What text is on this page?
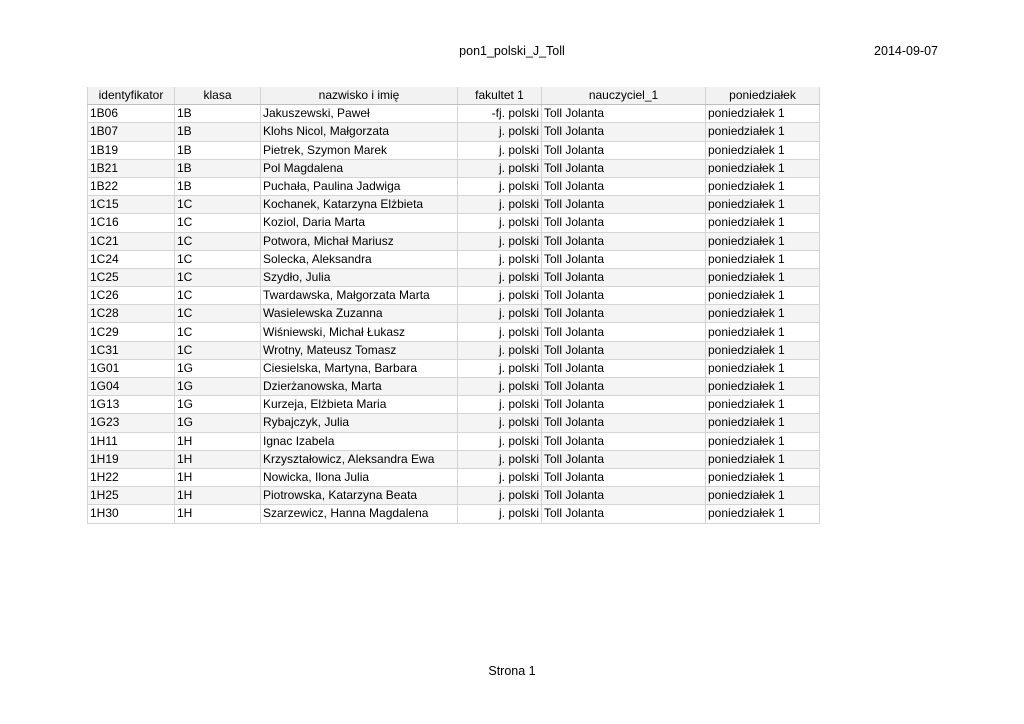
pon1_polski_J_Toll	2014-09-07
identyfikator	klasa	nazwisko i imię	fakultet 1	nauczyciel_1	poniedziałek
1B06	1B	Jakuszewski, Paweł	-fj. polski	Toll Jolanta	poniedziałek 1
1B07	1B	Klohs Nicol, Małgorzata	j. polski	Toll Jolanta	poniedziałek 1
1B19	1B	Pietrek, Szymon Marek	j. polski	Toll Jolanta	poniedziałek 1
1B21	1B	Pol Magdalena	j. polski	Toll Jolanta	poniedziałek 1
1B22	1B	Puchała, Paulina Jadwiga	j. polski	Toll Jolanta	poniedziałek 1
1C15	1C	Kochanek, Katarzyna Elżbieta	j. polski	Toll Jolanta	poniedziałek 1
1C16	1C	Koziol, Daria Marta	j. polski	Toll Jolanta	poniedziałek 1
1C21	1C	Potwora, Michał Mariusz	j. polski	Toll Jolanta	poniedziałek 1
1C24	1C	Solecka, Aleksandra	j. polski	Toll Jolanta	poniedziałek 1
1C25	1C	Szydło, Julia	j. polski	Toll Jolanta	poniedziałek 1
1C26	1C	Twardawska, Małgorzata Marta	j. polski	Toll Jolanta	poniedziałek 1
1C28	1C	Wasielewska Zuzanna	j. polski	Toll Jolanta	poniedziałek 1
1C29	1C	Wiśniewski, Michał Łukasz	j. polski	Toll Jolanta	poniedziałek 1
1C31	1C	Wrotny, Mateusz Tomasz	j. polski	Toll Jolanta	poniedziałek 1
1G01	1G	Ciesielska, Martyna, Barbara	j. polski	Toll Jolanta	poniedziałek 1
1G04	1G	Dzierżanowska, Marta	j. polski	Toll Jolanta	poniedziałek 1
1G13	1G	Kurzeja, Elżbieta Maria	j. polski	Toll Jolanta	poniedziałek 1
1G23	1G	Rybajczyk, Julia	j. polski	Toll Jolanta	poniedziałek 1
1H11	1H	Ignac Izabela	j. polski	Toll Jolanta	poniedziałek 1
1H19	1H	Krzyształowicz, Aleksandra Ewa	j. polski	Toll Jolanta	poniedziałek 1
1H22	1H	Nowicka, Ilona Julia	j. polski	Toll Jolanta	poniedziałek 1
1H25	1H	Piotrowska, Katarzyna Beata	j. polski	Toll Jolanta	poniedziałek 1
1H30	1H	Szarzewicz, Hanna Magdalena	j. polski	Toll Jolanta	poniedziałek 1
Strona 1
